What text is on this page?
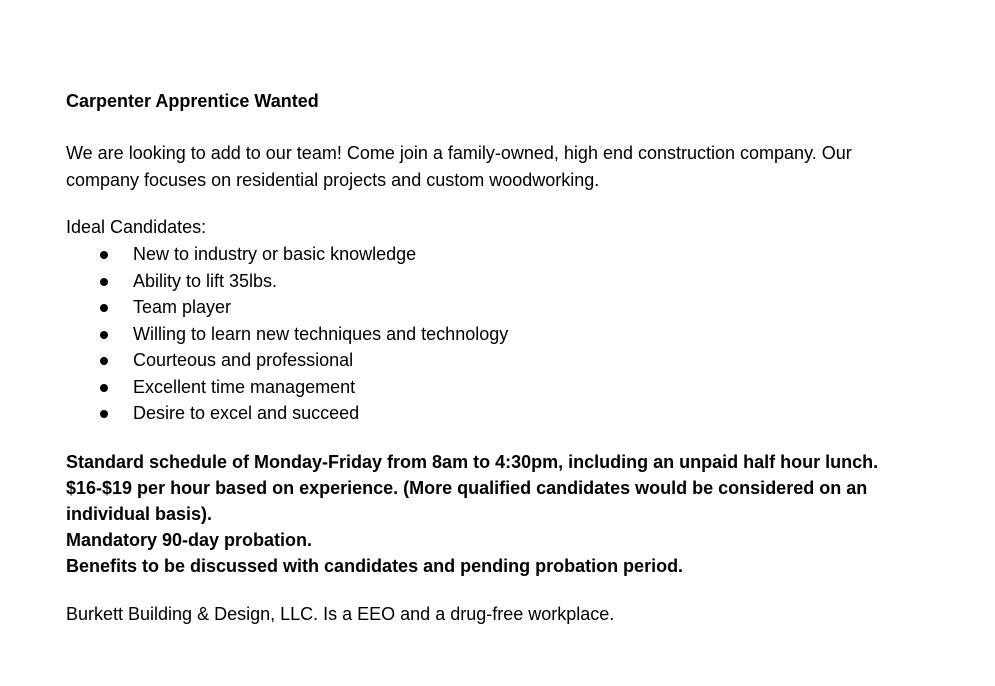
Carpenter Apprentice Wanted

We are looking to add to our team! Come join a family-owned, high end construction company. Our

company focuses on residential projects and custom woodworking.

Ideal Candidates:

New to industry or basic knowledge
Ability to lift 35lbs.
Team player
Willing to learn new techniques and technology
Courteous and professional
Excellent time management
Desire to excel and succeed

Standard schedule of Monday-Friday from 8am to 4:30pm, including an unpaid half hour lunch.

$16-$19 per hour based on experience. (More qualified candidates would be considered on an

individual basis).

Mandatory 90-day probation.

Benefits to be discussed with candidates and pending probation period.

Burkett Building & Design, LLC. Is a EEO and a drug-free workplace.
